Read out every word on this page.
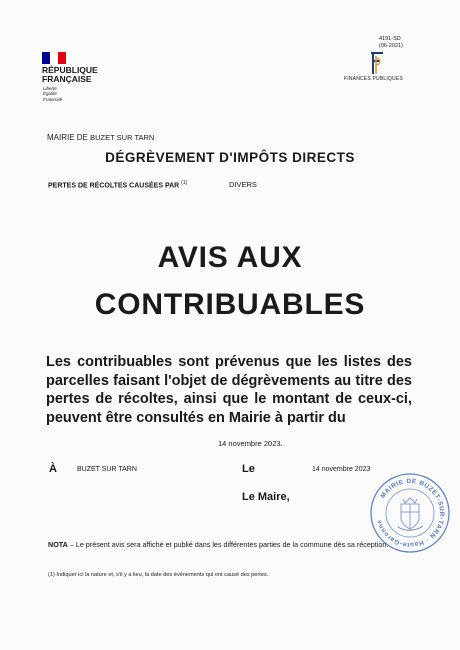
RÉPUBLIQUE
FRANÇAISE
Liberté
Égalité
Fraternité
4191-SD
(06-2021)
FINANCES PUBLIQUES
MAIRIE DE BUZET SUR TARN
DÉGRÈVEMENT D'IMPÔTS DIRECTS
PERTES DE RÉCOLTES CAUSÉES PAR $^{(1)}$	DIVERS
AVIS AUX
CONTRIBUABLES
Les contribuables sont prévenus que les listes des parcelles faisant l'objet de dégrèvements au titre des pertes de récoltes, ainsi que le montant de ceux-ci, peuvent être consultés en Mairie à partir du
14 novembre 2023.
À	BUZET SUR TARN	Le	14 novembre 2023
Le Maire,	MAIRIE DE BUZET-SUR-TARN · Haute-Garonne
NOTA – Le présent avis sera affiché et publié dans les différentes parties de la commune dès sa réception.
(1) Indiquer ici la nature et, s'il y a lieu, la date des événements qui ont causé des pertes.
